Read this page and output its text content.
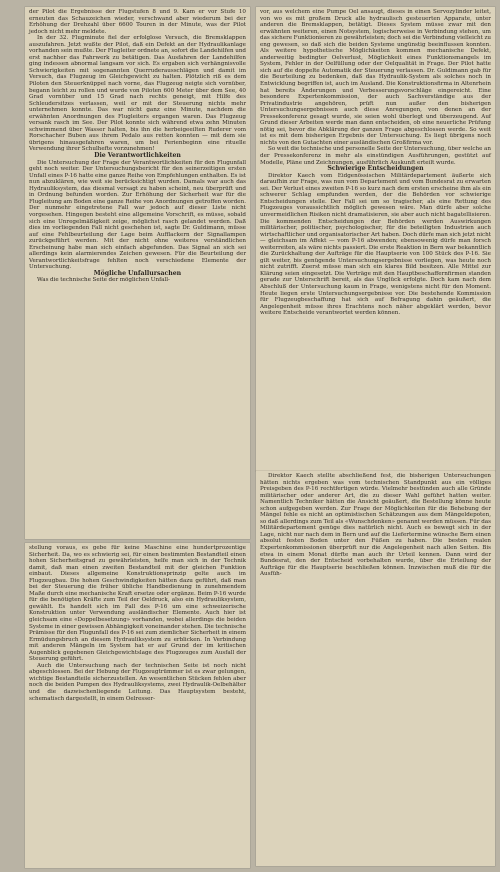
der Pilot die Ergebnisse der Flugstufen 8 und 9. Kam er vor Stufe 10 erneuten das Schauzeichen wieder, verschwand aber wiederum bei der Erhöhung der Drehzahl über 6600 Touren in der Minute, was der Pilot jedoch nicht mehr meldete.

In der 32. Flugminute fiel der erfolglose Versuch, die Bremsklappen auszufahren. Jetzt wußte der Pilot, daß ein Defekt an der Hydraulikanlage vorhanden sein mußte. Der Flugleiter ordnete an, sofort die Landehilfen und erst nachher das Fahrwerk zu betätigen. Das Ausfahren der Landehilfen ging indessen abnormal langsam vor sich. Es ergaben sich verhängnisvolle Schwierigkeiten mit sogenannten Querruderausschlägen und damit im Versuch, das Flugzeug im Gleichgewicht zu halten. Plötzlich riß es dem Piloten den Steuerknüppel nach vorne, das Flugzeug neigte sich vornüber, begann leicht zu rollen und wurde von Piloten 600 Meter über dem See, 40 Grad vornüber und 15 Grad nach rechts geneigt, mit Hilfe des Schleudersitzes verlassen, weil er mit der Steuerung nichts mehr unternehmen konnte. Das war nicht ganz eine Minute, nachdem die erwähnten Anordnungen des Flugleiters ergangen waren. Das Flugzeug versank rasch im See. Der Pilot konnte sich während etwa zehn Minuten schwimmend über Wasser halten, bis ihn die herbeigeeilten Ruderer vom Rorschacher Buben aus ihrem Pedalo aus retten konnten — mit dem sie übrigens hinausgefahren waren, um bei Ferienbeginn eine rituelle Verwendung ihrer Schulhefte vorzunehmen!

Die Verantwortlichkeiten

Die Untersuchung der Frage der Verantwortlichkeiten für den Flugunfall geht noch weiter. Der Untersuchungsbericht für den seinerzeitigen ersten Unfall eines P-16 hatte eine ganze Reihe von Empfehlungen enthalten. Es ist nun abzuklären, wie weit sie berücksichtigt wurden. Damals war auch das Hydrauliksystem, das diesmal versagt zu haben scheint, neu überprüft und in Ordnung befunden worden. Zur Erhöhung der Sicherheit war für die Flugleitung am Boden eine ganze Reihe von Anordnungen getroffen worden. Der nunmehr eingetretene Fall war jedoch auf dieser Liste nicht vorgesehen. Hingegen besteht eine allgemeine Vorschrift, es müsse, sobald sich eine Unregelmäßigkeit zeige, möglichst rasch gelandet werden. Daß dies im vorliegenden Fall nicht geschehen ist, sagte Dr. Guldimann, müsse auf eine Fehlbeurteilung der Lage beim Aufflackern der Signallampen zurückgeführt werden. Mit der nicht ohne weiteres verständlichen Erscheinung habe man sich einfach abgefunden. Das Signal an sich sei allerdings kein alarmierendes Zeichen gewesen. Für die Beurteilung der Verantwortlichkeitsfrage fehlten noch verschiedene Elemente der Untersuchung.

Mögliche Unfallursachen

Was die technische Seite der möglichen Unfall-

vor, aus welchem eine Pumpe Oel ansaugt, dieses in einen Servozylinder leitet, von wo es mit großem Druck alle hydraulisch gesteuerten Apparate, unter anderen die Bremsklappen, betätigt. Dieses System müsse zwar mit den erwähnten weiteren, einen Notsystem, logischerweise in Verbindung stehen, um das sichere Funktionieren zu gewährleisten; doch sei die Verbindung vielleicht zu eng gewesen, so daß sich die beiden Systeme ungünstig beeinflussen konnten. Als weitere hypothetische Möglichkeiten kommen mechanische Defekt, anderweitig bedingter Oelverlust, Möglichkeit eines Funktionsmangels im System, Fehler in der Oelfüllung oder der Oelqualität in Frage. Der Pilot hatte sich auf die doppelte Automatik der Steuerung verlassen. Dr. Guldimann gab für die Beurteilung zu bedenken, daß das Hydraulik-System als solches noch in Entwicklung begriffen ist, auch im Ausland. Die Konstruktionsfirma in Altenrhein hat bereits Änderungen und Verbesserungsvorschläge eingereicht. Eine besondere Expertenkommission, der auch Sachverständige aus der Privatindustrie angehören, prüft nun außer den bisherigen Untersuchungsergebnissen auch diese Anregungen, von denen an der Pressekonferenz gesagt wurde, sie seien wohl überlegt und überzeugend. Auf Grund dieser Arbeiten werde man dann entscheiden, ob eine neuerliche Prüfung nötig sei, bevor die Abklärung der ganzen Frage abgeschlossen werde. So weit ist es mit dem bisherigen Ergebnis der Untersuchung. Es liegt übrigens noch nichts von den Gutachten einer ausländischen Großfirma vor.

So weit die technische und personelle Seite der Untersuchung, über welche an der Pressekonferenz in mehr als einstündigen Ausführungen, gestützt auf Modelle, Pläne und Zeichnungen, ausführlich Auskunft erteilt wurde.

Schwierige Entscheidungen

Direktor Kaech vom Eidgenössischen Militärdepartement äußerte sich daraufhin zur Frage, was nun vom Departement und vom Bundesrat zu erwarten sei. Der Verlust eines zweiten P-16 so kurz nach dem ersten erscheine ihm als ein schwerer Schlag empfunden werden, der die Behörden vor schwierige Entscheidungen stelle. Der Fall sei um so tragischer, als eine Rettung des Flugzeuges voraussichtlich möglich gewesen wäre. Man dürfe aber solche unvermeidlichen Risiken nicht dramatisieren, sie aber auch nicht bagatellisieren. Die kommenden Entscheidungen der Behörden werden Auswirkungen militärischer, politischer, psychologischer, für die beteiligten Industrien auch wirtschaftlicher und organisatorischer Art haben. Doch dürfe man sich jetzt nicht — gleichsam im Affekt — vom P-16 abwenden; ebensowenig dürfe man forsch weiterreiten, als wäre nichts passiert. Die erste Reaktion in Bern war bekanntlich die Zurückhaltung der Aufträge für die Hauptserie von 100 Stück des P-16. Sie gilt weiter, bis genügende Untersuchungsergebnisse vorliegen, was heute noch nicht zutrifft. Zuerst müsse man sich ein klares Bild besitzen. Alle Mittel zur Klärung seien eingesetzt. Die Verträge mit den Hauptbeschaffernfirmen standen gerade zur Unterschrift bereit, als das Unglück erfolgte. Doch kam nach dem Abschluß der Untersuchung kaum in Frage, wenigstens nicht für den Moment. Heute liegen erste Untersuchungsergebnisse vor. Die bestehende Kommission für Flugzeugbeschaffung hat sich auf Befragung dahin geäußert, die Angelegenheit müsse ihres Erachtens noch näher abgeklärt werden, bevor weitere Entscheide verantwortet werden können.

Direktor Kaech stellte abschließend fest, die bisherigen Untersuchungen hätten nichts ergeben was vom technischen Standpunkt aus ein völliges Preisgeben des P-16 rechtfertigen würde. Vielmehr bestünden auch alle Gründe militärischer oder anderer Art, die zu dieser Wahl geführt hatten weiter. Namentlich Techniker hätten die Ansicht geäußert, die Bestellung könne heute schon aufgegeben werden. Zur Frage der Möglichkeiten für die Behebung der Mängel fehle es nicht an optimistischen Schätzungen aus dem Mängeldepoten, so daß allerdings zum Teil als «Wunschdenken» genannt werden müssen. Für das Militärdepartement genüge dies natürlich nicht. Auch es bewegt sich in der Lage, nicht nur nach dem in Bern und auf die Liefertermine wünsche Bern einen absolut festen Boden unter den Füßen zu haben. Die besten realen Expertenkommissionen überprüft nur die Angelegenheit nach allen Seiten. Bis etwa in einem Monat dürfte man auch ihr Urteil kennen. Dann wird der Bundesrat, den der Entscheid vorbehalten wurde, über die Erteilung der Aufträge für die Hauptserie beschließen können. Inzwischen muß die für die Ausfüh-

stellung voraus, es gebe für keine Maschine eine hundertprozentige Sicherheit. Da, wo es schwierig sei, für einen bestimmten Bestandteil einen hohen Sicherheitsgrad zu gewährleisten, helfe man sich in der Technik damit, daß man einen zweiten Bestandteil mit der gleichen Funktion einbaut. Dieses allgemeine Konstruktionsprinzip gelte auch im Flugzeugbau. Die hohen Geschwindigkeiten hätten dazu geführt, daß man bei der Steuerung die früher übliche Handbedienung in zunehmendem Maße durch eine mechanische Kraft ersetze oder ergänze. Beim P-16 wurde für die benötigten Kräfte zum Teil der Oeldruck, also ein Hydrauliksystem, gewählt. Es handelt sich im Fall des P-16 um eine schweizerische Konstruktion unter Verwendung ausländischer Elemente. Auch hier ist gleichsam eine «Doppelbesetzung» vorhanden, wobei allerdings die beiden Systeme in einer gewissen Abhängigkeit voneinander stehen. Die technische Prämisse für den Flugunfall des P-16 sei zum ziemlicher Sicherheit in einem Ermüdungsbruch an diesem Hydrauliksystem zu erblicken. In Verbindung mit anderen Mängeln im System hat er auf Grund der im kritischen Augenblick gegebenen Gleichgewichtslage des Flugzeuges zum Ausfall der Steuerung geführt.

Auch die Untersuchung nach der technischen Seite ist noch nicht abgeschlossen. Bei der Hebung der Flugzeugtrümmer ist es zwar gelungen, wichtige Bestandteile sicherzustellen. An wesentlichen Stücken fehlen aber noch die beiden Pumpen des Hydrauliksystems, zwei Hydraulik-Oelbehälter und die dazwischenliegende Leitung. Das Hauptsystem besteht, schematisch dargestellt, in einem Oelresser-
